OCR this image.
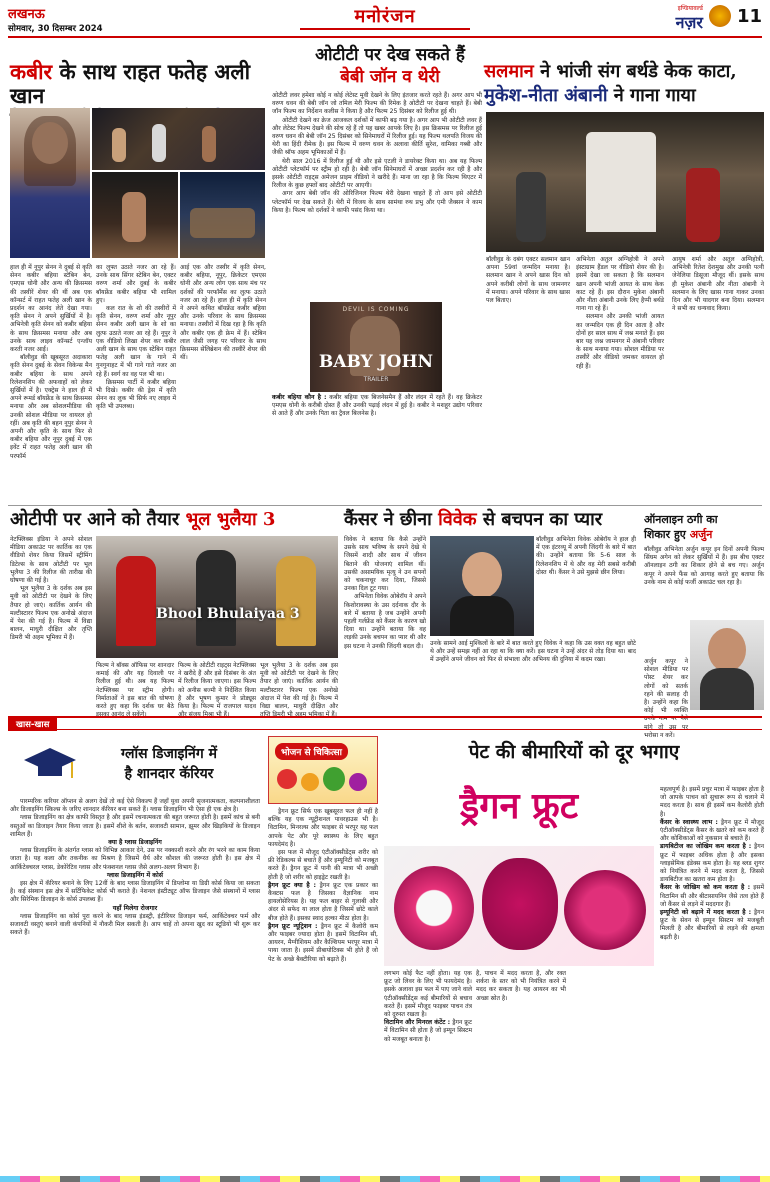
लखनऊ
सोमवार, 30 दिसम्बर 2024
मनोरंजन	इण्डियावर्ल्ड
नज़र 11
कबीर के साथ राहत फतेह अली खान

हाल ही में नूपुर सेनन ने दुबई से कृति सेनन कबीर बहिया स्टेबिन बेन, एमएस धोनी और अन्य की क्रिसमस की तस्वीरें शेयर की थीं अब एक कॉन्सर्ट में राहत फतेह अली खान के प्रदर्शन का आनंद लेते देखा गया। कृति सेनन ने अपने सुर्खियों में है। अभिनेत्री कृति सेनन को कबीर बहिया के साथ क्रिसमस मनाया और अब उनके साथ लाइव कॉन्सर्ट एन्जॉय करती नजर आईं।

बॉलीवुड की खूबसूरत अदाकारा कृति सेनन दुबई के सेवन विकेन्स मैन कबीर बहिया के साथ अपने रिलेशनशिप की अफवाहों को लेकर सुर्खियों में है। एक्ट्रेस ने हाल ही में अपने रूमर्ड बॉयफ्रेंड के साथ क्रिसमस मनाया और अब सोशलमीडिया की उनकी सोशल मीडिया पर वायरल हो रहीं। अब कृति की बहन नूपुर सेनन ने अपनी और कृति के साथ फिर से कबीर बहिया और नूपुर दुबई में एक इवेंट में राहत फतेह अली खान की परफॉर्म

का लुफ्त उठाते नजर आ रहे हैं। उनके साथ सिंगर स्टेबिन बेन, एक्टर वरुण शर्मा और दुबई के कबीर बॉयफ्रेंड कबीर बहिया भी शामिल हुए।

कल रात के शो की तस्वीरों में कृति सेनन, वरुण शर्मा और नूपुर सेनन कबीर अली खान के शो का लुत्फ उठाते नजर आ रहे हैं। नूपुर ने एक वीडियो लिखा शेयर कर कबीर अली खान के साथ एक स्टेबिन राहत फतेह अली खान के गाने में गुनगुनाहट में भी गाने गाते नजर आ रहे हैं। स्वर्ग का वह पल भी था।

क्रिसमस पार्टी में कबीर बहिया भी दिखे। कबीर की ड्रेस में कृति सेनन का लुक भी सिर्फ नए लाइव में कृति भी उपलब्ध।

आई एक और तस्वीर में कृति सेनन, कबीर बहिया, नूपुर, क्रिकेटर एमएस धोनी और अन्य लोग एक साथ मंच पर दर्शकों की परफॉर्मेंस का लुत्फ उठाते नजर आ रहे हैं। हाल ही में कृति सेनन ने अपने कथित बॉयफ्रेंड कबीर बहिया और उनके परिवार के साथ क्रिसमस मनाया। तस्वीरों में दिख रहा है कि कृति और कबीर एक ही फ्रेम में हैं। स्टेबिन लाल जैसी जगह पर परिवार के साथ क्रिसमस सेलिब्रेशन की तस्वीरें शेयर की थीं।

ओटीटी पर देख सकते हैं
बेबी जॉन व थेरी

ओटीटी लवर हमेशा कोई न कोई लेटेस्ट मूवी देखने के लिए इंतजार करते रहते हैं। अगर आप भी वरुण धवन की बेबी जॉन जो तमिल मेरी फिल्म की रिमेक है ओटीटी पर देखना चाहते हैं। बेबी जॉन फिल्म का निर्देशन कलीस ने किया है और फिल्म 25 दिसंबर को रिलीज हुई थी।

ओटीटी देखने का क्रेज आजकल दर्शकों में काफी बढ़ गया है। अगर आप भी ओटीटी लवर हैं और लेटेस्ट फिल्म देखने की सोच रहे हैं तो यह खबर आपके लिए है। इस क्रिसमस पर रिलीज हुई वरुण धवन की बेबी जॉन 25 दिसंबर को सिनेमाघरों में रिलीज हुई। यह फिल्म थलपति विजय की थेरी का हिंदी रीमेक है। इस फिल्म में वरुण धवन के अलावा कीर्ति सुरेश, वामिका गब्बी और जैकी श्रॉफ अहम भूमिकाओं में हैं।

थेरी साल 2016 में रिलीज हुई थी और इसे एटली ने डायरेक्ट किया था। अब यह फिल्म ओटीटी प्लेटफॉर्म पर स्ट्रीम हो रही है। बेबी जॉन सिनेमाघरों में अच्छा प्रदर्शन कर रही है और इसके ओटीटी राइट्स अमेजन प्राइम वीडियो ने खरीदे हैं। माना जा रहा है कि फिल्म थिएटर में रिलीज के कुछ हफ्तों बाद ओटीटी पर आएगी।

अगर आप बेबी जॉन की ओरिजिनल फिल्म थेरी देखना चाहते हैं तो आप इसे ओटीटी प्लेटफॉर्म पर देख सकते हैं। थेरी में विजय के साथ सामंथा रुथ प्रभु और एमी जैक्सन ने काम किया है। फिल्म को दर्शकों ने काफी पसंद किया था।

DEVIL IS COMING
BABY JOHN
TRAILER

कबीर बहिया कौन है : कबीर बहिया एक बिजनेसमैन हैं और लंदन में रहते हैं। वह क्रिकेटर एमएस धोनी के करीबी दोस्त हैं और उनकी पढ़ाई लंदन में हुई है। कबीर ने मशहूर उद्योग परिवार से आते हैं और उनके पिता का ट्रैवल बिजनेस है।

सलमान ने भांजी संग बर्थडे केक काटा,
मुकेश-नीता अंबानी ने गाना गाया

बॉलीवुड के दबंग एक्टर सलमान खान अपना 59वां जन्मदिन मनाया है। सलमान खान ने अपने खास दिन को अपने करीबी लोगों के साथ जामनगर में मनाया। अपने परिवार के साथ खास पल बिताए।

अभिनेता अतुल अग्निहोत्री ने अपने इंस्टाग्राम हैंडल पर वीडियो शेयर की है। इसमें देखा जा सकता है कि सलमान खान अपनी भांजी आयत के साथ केक काट रहे हैं। इस दौरान मुकेश अंबानी और नीता अंबानी उनके लिए हैप्पी बर्थडे गाना गा रहे हैं।

सलमान और उनकी भांजी आयत का जन्मदिन एक ही दिन आता है और दोनों हर साल साथ में जश्न मनाते हैं। इस बार यह जश्न जामनगर में अंबानी परिवार के साथ मनाया गया। सोशल मीडिया पर तस्वीरें और वीडियो जमकर वायरल हो रही हैं।

आयुष शर्मा और अतुल अग्निहोत्री, अभिनेत्री रितेश देशमुख और उनकी पत्नी जेनेलिया डिसूजा मौजूद थीं। इसके साथ ही मुकेश अंबानी और नीता अंबानी ने सलमान के लिए खास गाना गाकर उनका दिन और भी यादगार बना दिया। सलमान ने सभी का धन्यवाद किया।

ओटीपी पर आने को तैयार भूल भुलैया 3

नेटफ्लिक्स इंडिया ने अपने सोशल मीडिया अकाउंट पर कार्तिक का एक वीडियो शेयर किया जिसमें स्ट्रीमिंग डिटेल्स के साथ ओटीटी पर भूल भुलैया 3 की रिलीज की तारीख की घोषणा की गई है।

भूल भुलैया 3 के दर्शक अब इस मूवी को ओटीटी पर देखने के लिए तैयार हो जाएं। कार्तिक आर्यन की मल्टीस्टारर फिल्म एक अनोखे अंदाज में पेश की गई है। फिल्म में विद्या बालन, माधुरी दीक्षित और तृप्ति डिमरी भी अहम भूमिका में हैं।

Bhool Bhulaiyaa 3

फिल्म ने बॉक्स ऑफिस पर शानदार कमाई की और यह दिवाली पर रिलीज हुई थी। अब यह फिल्म नेटफ्लिक्स पर स्ट्रीम होगी। निर्माताओं ने इस बात की घोषणा करते हुए कहा कि दर्शक घर बैठे इसका आनंद ले सकेंगे।

फिल्म के ओटीटी राइट्स नेटफ्लिक्स ने खरीदे हैं और इसे दिसंबर के अंत में रिलीज किया जाएगा। इस फिल्म को अनीस बज्मी ने निर्देशित किया है और भूषण कुमार ने प्रोड्यूस किया है। फिल्म में राजपाल यादव और संजय मिश्रा भी हैं।

भूल भुलैया 3 के दर्शक अब इस मूवी को ओटीटी पर देखने के लिए तैयार हो जाएं। कार्तिक आर्यन की मल्टीस्टारर फिल्म एक अनोखे अंदाज में पेश की गई है। फिल्म में विद्या बालन, माधुरी दीक्षित और तृप्ति डिमरी भी अहम भूमिका में हैं।

कैंसर ने छीना विवेक से बचपन का प्यार

विवेक ने बताया कि कैसे उन्होंने उसके साथ भविष्य के सपने देखे थे जिसमें शादी और साथ में जीवन बिताने की योजनाएं शामिल थीं। उसकी असामयिक मृत्यु ने उन सपनों को चकनाचूर कर दिया, जिससे उनका दिल टूट गया।

अभिनेता विवेक ओबेरॉय ने अपने किशोरावस्था के उस दर्दनाक दौर के बारे में बताया है जब उन्होंने अपनी पहली गर्लफ्रेंड को कैंसर के कारण खो दिया था। उन्होंने बताया कि वह लड़की उनके बचपन का प्यार थी और इस घटना ने उनकी जिंदगी बदल दी।

बॉलीवुड अभिनेता विवेक ओबेरॉय ने हाल ही में एक इंटरव्यू में अपनी जिंदगी के बारे में बात की। उन्होंने बताया कि 5-6 साल के रिलेशनशिप में थे और वह मेरी सबसे करीबी दोस्त थी। कैंसर ने उसे मुझसे छीन लिया।

उनके सामने आई मुश्किलों के बारे में बात करते हुए विवेक ने कहा कि उस वक्त वह बहुत छोटे थे और उन्हें समझ नहीं आ रहा था कि क्या करें। इस घटना ने उन्हें अंदर से तोड़ दिया था। बाद में उन्होंने अपने जीवन को फिर से संभाला और अभिनय की दुनिया में कदम रखा।

ऑनलाइन ठगी का
शिकार हुए अर्जुन

बॉलीवुड अभिनेता अर्जुन कपूर इन दिनों अपनी फिल्म सिंघम अगेन को लेकर सुर्खियों में हैं। इस बीच एक्टर ऑनलाइन ठगी का शिकार होने से बच गए। अर्जुन कपूर ने अपने फैंस को आगाह करते हुए बताया कि उनके नाम से कोई फर्जी अकाउंट चल रहा है।

अर्जुन कपूर ने सोशल मीडिया पर पोस्ट शेयर कर लोगों को सतर्क रहने की सलाह दी है। उन्होंने कहा कि कोई भी व्यक्ति उनके नाम पर पैसे मांगे तो उस पर भरोसा न करें।

खास-खास
ग्लॉस डिजाइनिंग में
है शानदार कॅरियर

पारम्परिक करियर ऑप्शन से अलग देखें तो कई ऐसे विकल्प हैं जहाँ युवा अपनी सृजनात्मकता, कल्पनाशीलता और डिजाइनिंग स्किल्स के जरिए शानदार कॅरियर बना सकते हैं। ग्लास डिजाइनिंग भी ऐसा ही एक क्षेत्र है।

ग्लास डिजाइनिंग का क्षेत्र काफी विस्तृत है और इसमें रचनात्मकता की बहुत जरूरत होती है। इसमें कांच से बनी वस्तुओं का डिजाइन तैयार किया जाता है। इसमें शीशे के बर्तन, सजावटी सामान, झूमर और खिड़कियों के डिजाइन शामिल हैं।

क्या है ग्लास डिजाइनिंग

ग्लास डिजाइनिंग के अंतर्गत ग्लास को विभिन्न आकार देने, उस पर नक्काशी करने और रंग भरने का काम किया जाता है। यह कला और तकनीक का मिश्रण है जिसमें धैर्य और कौशल की जरूरत होती है। इस क्षेत्र में आर्किटेक्चरल ग्लास, डेकोरेटिव ग्लास और फंक्शनल ग्लास जैसे अलग-अलग विभाग हैं।

ग्लास डिजाइनिंग में कोर्स

इस क्षेत्र में कॅरियर बनाने के लिए 12वीं के बाद ग्लास डिजाइनिंग में डिप्लोमा या डिग्री कोर्स किया जा सकता है। कई संस्थान इस क्षेत्र में सर्टिफिकेट कोर्स भी कराते हैं। नेशनल इंस्टीट्यूट ऑफ डिजाइन जैसे संस्थानों में ग्लास और सिरेमिक डिजाइन के कोर्स उपलब्ध हैं।

यहाँ मिलेगा रोजगार

ग्लास डिजाइनिंग का कोर्स पूरा करने के बाद ग्लास इंडस्ट्री, इंटीरियर डिजाइन फर्म, आर्किटेक्चर फर्म और सजावटी वस्तुएं बनाने वाली कंपनियों में नौकरी मिल सकती है। आप चाहें तो अपना खुद का स्टूडियो भी शुरू कर सकते हैं।

भोजन से चिकित्सा

ड्रैगन फ्रूट सिर्फ एक खूबसूरत फल ही नहीं है बल्कि यह एक न्यूट्रीशनल पावरहाउस भी है। विटामिन, मिनरल्स और फाइबर से भरपूर यह फल आपके पेट और पूरे स्वास्थ्य के लिए बहुत फायदेमंद है।

इस फल में मौजूद एंटीऑक्सीडेंट्स शरीर को फ्री रेडिकल्स से बचाते हैं और इम्यूनिटी को मजबूत करते हैं। ड्रैगन फ्रूट में पानी की मात्रा भी अच्छी होती है जो शरीर को हाइड्रेट रखती है।

ड्रैगन फ्रूट क्या है : ड्रैगन फ्रूट एक प्रकार का कैक्टस फल है जिसका वैज्ञानिक नाम हायलोसेरियस है। यह फल बाहर से गुलाबी और अंदर से सफेद या लाल होता है जिसमें छोटे काले बीज होते हैं। इसका स्वाद हल्का मीठा होता है।

ड्रैगन फ्रूट न्यूट्रिशन : ड्रैगन फ्रूट में कैलोरी कम और फाइबर ज्यादा होता है। इसमें विटामिन सी, आयरन, मैग्नीशियम और कैल्शियम भरपूर मात्रा में पाया जाता है। इसमें प्रीबायोटिक्स भी होते हैं जो पेट के अच्छे बैक्टीरिया को बढ़ाते हैं।

पेट की बीमारियों को दूर भगाए
ड्रैगन फ्रूट

लगभग कोई फैट नहीं होता। यह एक फ्रूट जो लिवर के लिए भी फायदेमंद है। इसके अलावा इस फल में पाए जाने वाले एंटीऑक्सीडेंट्स कई बीमारियों से बचाव करते हैं। इसमें मौजूद फाइबर पाचन तंत्र को दुरुस्त रखता है।

विटामिन और मिनरल कंटेंट : ड्रैगन फ्रूट में विटामिन सी होता है जो इम्यून सिस्टम को मजबूत बनाता है।

है, पाचन में मदद करता है, और रक्त शर्करा के स्तर को भी नियंत्रित करने में मदद कर सकता है। यह आयरन का भी अच्छा स्रोत है।

महत्वपूर्ण है। इसमें प्रचुर मात्रा में फाइबर होता है जो आपके पाचन को सुचारू रूप से चलाने में मदद करता है। साथ ही इसमें कम कैलोरी होती है।

कैंसर के स्वास्थ्य लाभ : ड्रैगन फ्रूट में मौजूद एंटीऑक्सीडेंट्स कैंसर के खतरे को कम करते हैं और कोशिकाओं को नुकसान से बचाते हैं।

डायबिटीज का जोखिम कम करता है : ड्रैगन फ्रूट में फाइबर अधिक होता है और इसका ग्लाइसेमिक इंडेक्स कम होता है। यह ब्लड शुगर को नियंत्रित करने में मदद करता है, जिससे डायबिटीज का खतरा कम होता है।

कैंसर के जोखिम को कम करता है : इसमें विटामिन सी और बीटासायनिन जैसे तत्व होते हैं जो कैंसर से लड़ने में मददगार हैं।

इम्यूनिटी को बढ़ाने में मदद करता है : ड्रैगन फ्रूट के सेवन से इम्यून सिस्टम को मजबूती मिलती है और बीमारियों से लड़ने की क्षमता बढ़ती है।
